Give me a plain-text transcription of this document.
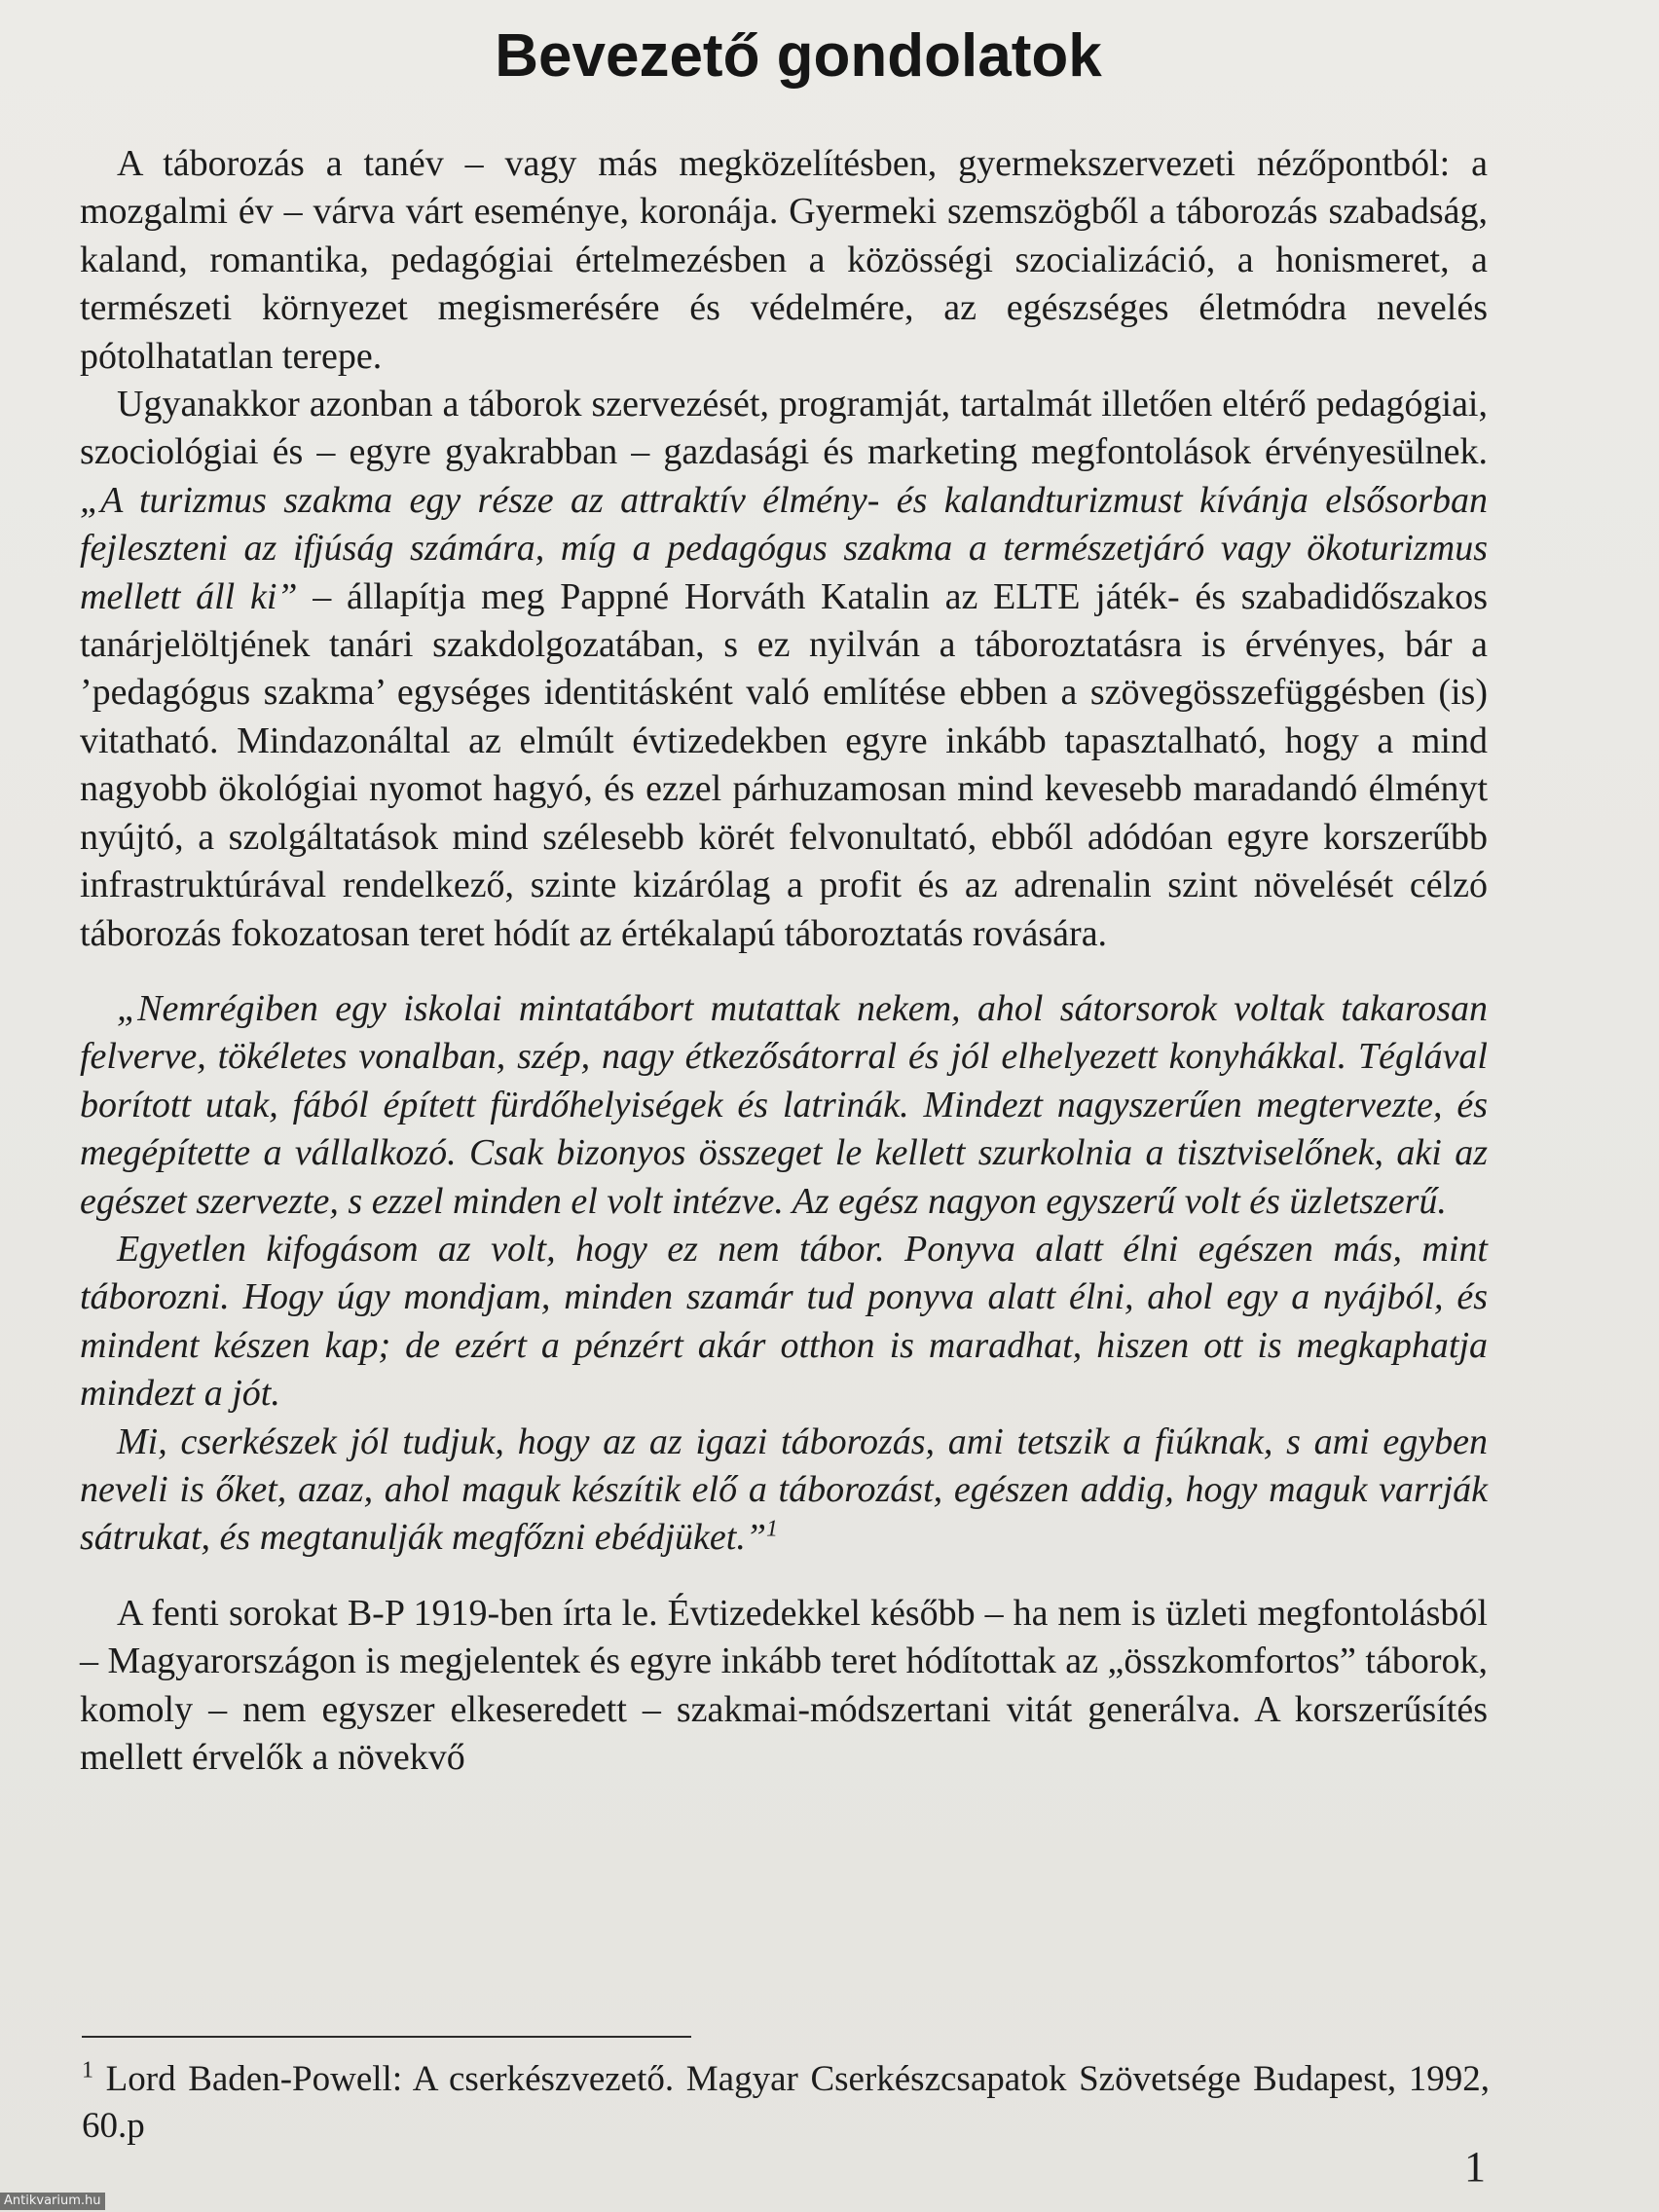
Bevezető gondolatok

A táborozás a tanév – vagy más megközelítésben, gyermekszervezeti nézőpontból: a mozgalmi év – várva várt eseménye, koronája. Gyermeki szemszögből a táborozás szabadság, kaland, romantika, pedagógiai értelmezésben a közösségi szocializáció, a honismeret, a természeti környezet megismerésére és védelmére, az egészséges életmódra nevelés pótolhatatlan terepe.

Ugyanakkor azonban a táborok szervezését, programját, tartalmát illetően eltérő pedagógiai, szociológiai és – egyre gyakrabban – gazdasági és marketing megfontolások érvényesülnek. „A turizmus szakma egy része az attraktív élmény- és kalandturizmust kívánja elsősorban fejleszteni az ifjúság számára, míg a pedagógus szakma a természetjáró vagy ökoturizmus mellett áll ki” – állapítja meg Pappné Horváth Katalin az ELTE játék- és szabadidőszakos tanárjelöltjének tanári szakdolgozatában, s ez nyilván a táboroztatásra is érvényes, bár a ’pedagógus szakma’ egységes identitásként való említése ebben a szövegösszefüggésben (is) vitatható. Mindazonáltal az elmúlt évtizedekben egyre inkább tapasztalható, hogy a mind nagyobb ökológiai nyomot hagyó, és ezzel párhuzamosan mind kevesebb maradandó élményt nyújtó, a szolgáltatások mind szélesebb körét felvonultató, ebből adódóan egyre korszerűbb infrastruktúrával rendelkező, szinte kizárólag a profit és az adrenalin szint növelését célzó táborozás fokozatosan teret hódít az értékalapú táboroztatás rovására.

„Nemrégiben egy iskolai mintatábort mutattak nekem, ahol sátorsorok voltak takarosan felverve, tökéletes vonalban, szép, nagy étkezősátorral és jól elhelyezett konyhákkal. Téglával borított utak, fából épített fürdőhelyiségek és latrinák. Mindezt nagyszerűen megtervezte, és megépítette a vállalkozó. Csak bizonyos összeget le kellett szurkolnia a tisztviselőnek, aki az egészet szervezte, s ezzel minden el volt intézve. Az egész nagyon egyszerű volt és üzletszerű.

Egyetlen kifogásom az volt, hogy ez nem tábor. Ponyva alatt élni egészen más, mint táborozni. Hogy úgy mondjam, minden szamár tud ponyva alatt élni, ahol egy a nyájból, és mindent készen kap; de ezért a pénzért akár otthon is maradhat, hiszen ott is megkaphatja mindezt a jót.

Mi, cserkészek jól tudjuk, hogy az az igazi táborozás, ami tetszik a fiúknak, s ami egyben neveli is őket, azaz, ahol maguk készítik elő a táborozást, egészen addig, hogy maguk varrják sátrukat, és megtanulják megfőzni ebédjüket.”$^1$

A fenti sorokat B-P 1919-ben írta le. Évtizedekkel később – ha nem is üzleti megfontolásból – Magyarországon is megjelentek és egyre inkább teret hódítottak az „összkomfortos” táborok, komoly – nem egyszer elkeseredett – szakmai-módszertani vitát generálva. A korszerűsítés mellett érvelők a növekvő

$^1$ Lord Baden-Powell: A cserkészvezető. Magyar Cserkészcsapatok Szövetsége Budapest, 1992, 60.p

1
Antikvarium.hu
